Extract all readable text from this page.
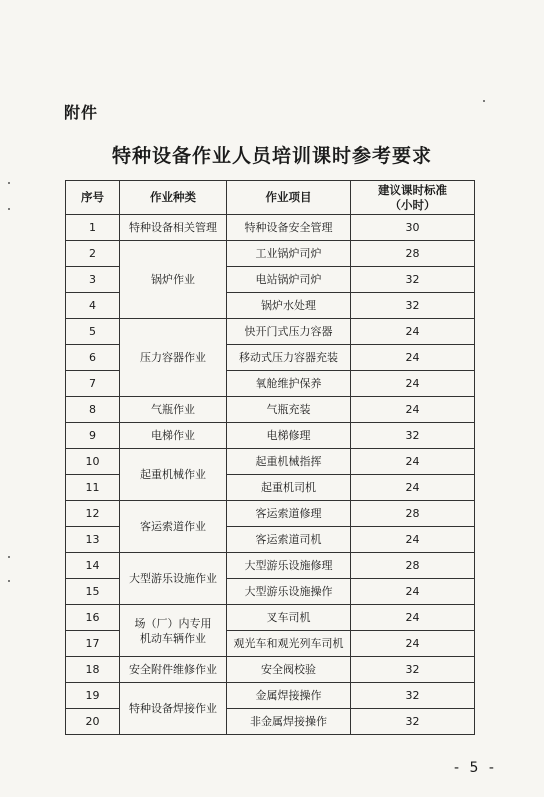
附件
特种设备作业人员培训课时参考要求
序号	作业种类	作业项目	建议课时标准
（小时）

1	特种设备相关管理	特种设备安全管理	30
2	锅炉作业	工业锅炉司炉	28
3		电站锅炉司炉	32
4		锅炉水处理	32
5	压力容器作业	快开门式压力容器	24
6		移动式压力容器充装	24
7		氧舱维护保养	24
8	气瓶作业	气瓶充装	24
9	电梯作业	电梯修理	32
10	起重机械作业	起重机械指挥	24
11		起重机司机	24
12	客运索道作业	客运索道修理	28
13		客运索道司机	24
14	大型游乐设施作业	大型游乐设施修理	28
15		大型游乐设施操作	24
16	场（厂）内专用
机动车辆作业	叉车司机	24
17		观光车和观光列车司机	24
18	安全附件维修作业	安全阀校验	32
19	特种设备焊接作业	金属焊接操作	32
20		非金属焊接操作	32
- 5 -
